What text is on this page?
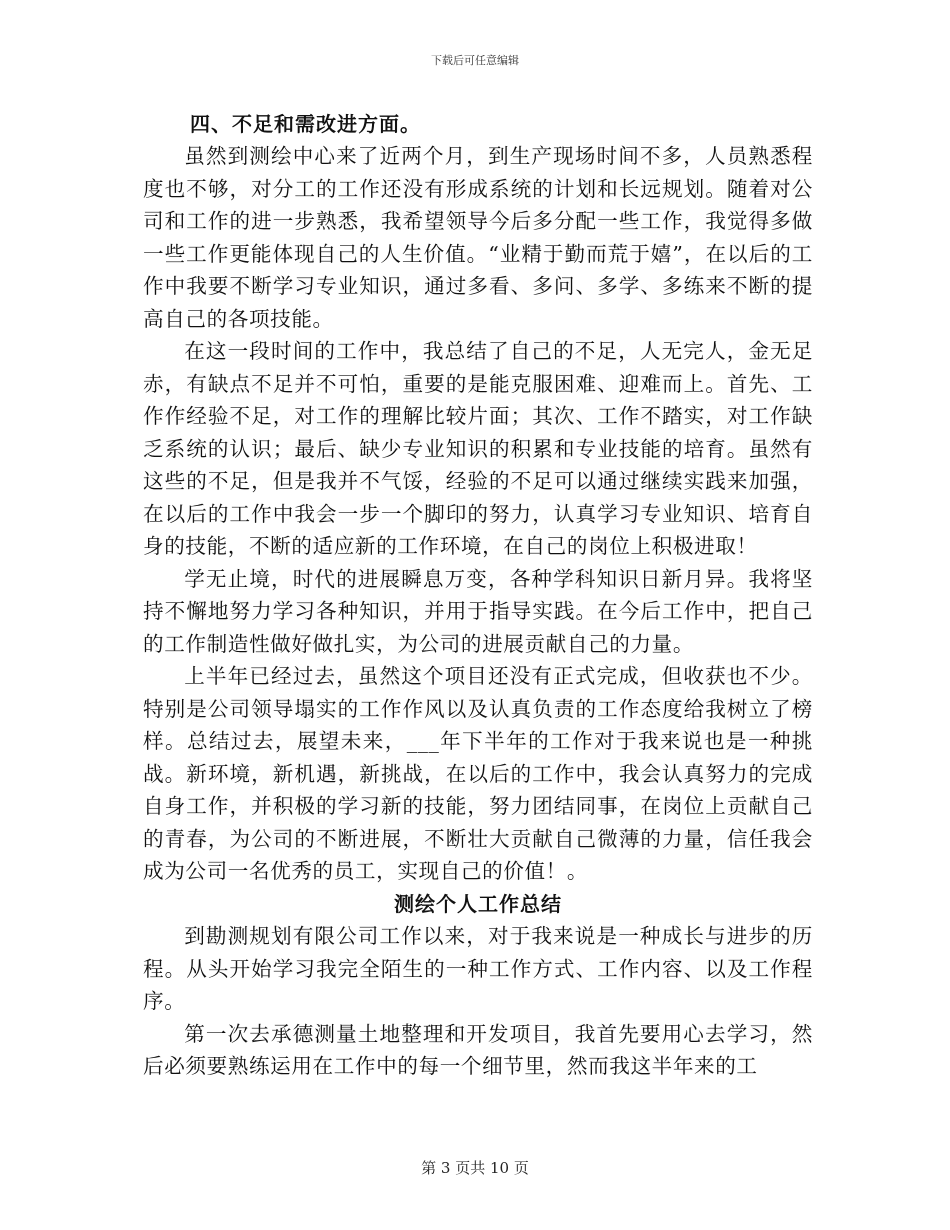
下载后可任意编辑

四、不足和需改进方面。

虽然到测绘中心来了近两个月，到生产现场时间不多，人员熟悉程度也不够，对分工的工作还没有形成系统的计划和长远规划。随着对公司和工作的进一步熟悉，我希望领导今后多分配一些工作，我觉得多做一些工作更能体现自己的人生价值。“业精于勤而荒于嬉”，在以后的工作中我要不断学习专业知识，通过多看、多问、多学、多练来不断的提高自己的各项技能。

在这一段时间的工作中，我总结了自己的不足，人无完人，金无足赤，有缺点不足并不可怕，重要的是能克服困难、迎难而上。首先、工作作经验不足，对工作的理解比较片面；其次、工作不踏实，对工作缺乏系统的认识；最后、缺少专业知识的积累和专业技能的培育。虽然有这些的不足，但是我并不气馁，经验的不足可以通过继续实践来加强，在以后的工作中我会一步一个脚印的努力，认真学习专业知识、培育自身的技能，不断的适应新的工作环境，在自己的岗位上积极进取！

学无止境，时代的进展瞬息万变，各种学科知识日新月异。我将坚持不懈地努力学习各种知识，并用于指导实践。在今后工作中，把自己的工作制造性做好做扎实，为公司的进展贡献自己的力量。

上半年已经过去，虽然这个项目还没有正式完成，但收获也不少。特别是公司领导塌实的工作作风以及认真负责的工作态度给我树立了榜样。总结过去，展望未来，___年下半年的工作对于我来说也是一种挑战。新环境，新机遇，新挑战，在以后的工作中，我会认真努力的完成自身工作，并积极的学习新的技能，努力团结同事，在岗位上贡献自己的青春，为公司的不断进展，不断壮大贡献自己微薄的力量，信任我会成为公司一名优秀的员工，实现自己的价值！。

测绘个人工作总结

到勘测规划有限公司工作以来，对于我来说是一种成长与进步的历程。从头开始学习我完全陌生的一种工作方式、工作内容、以及工作程序。

第一次去承德测量土地整理和开发项目，我首先要用心去学习，然后必须要熟练运用在工作中的每一个细节里，然而我这半年来的工

第 3 页共 10 页
